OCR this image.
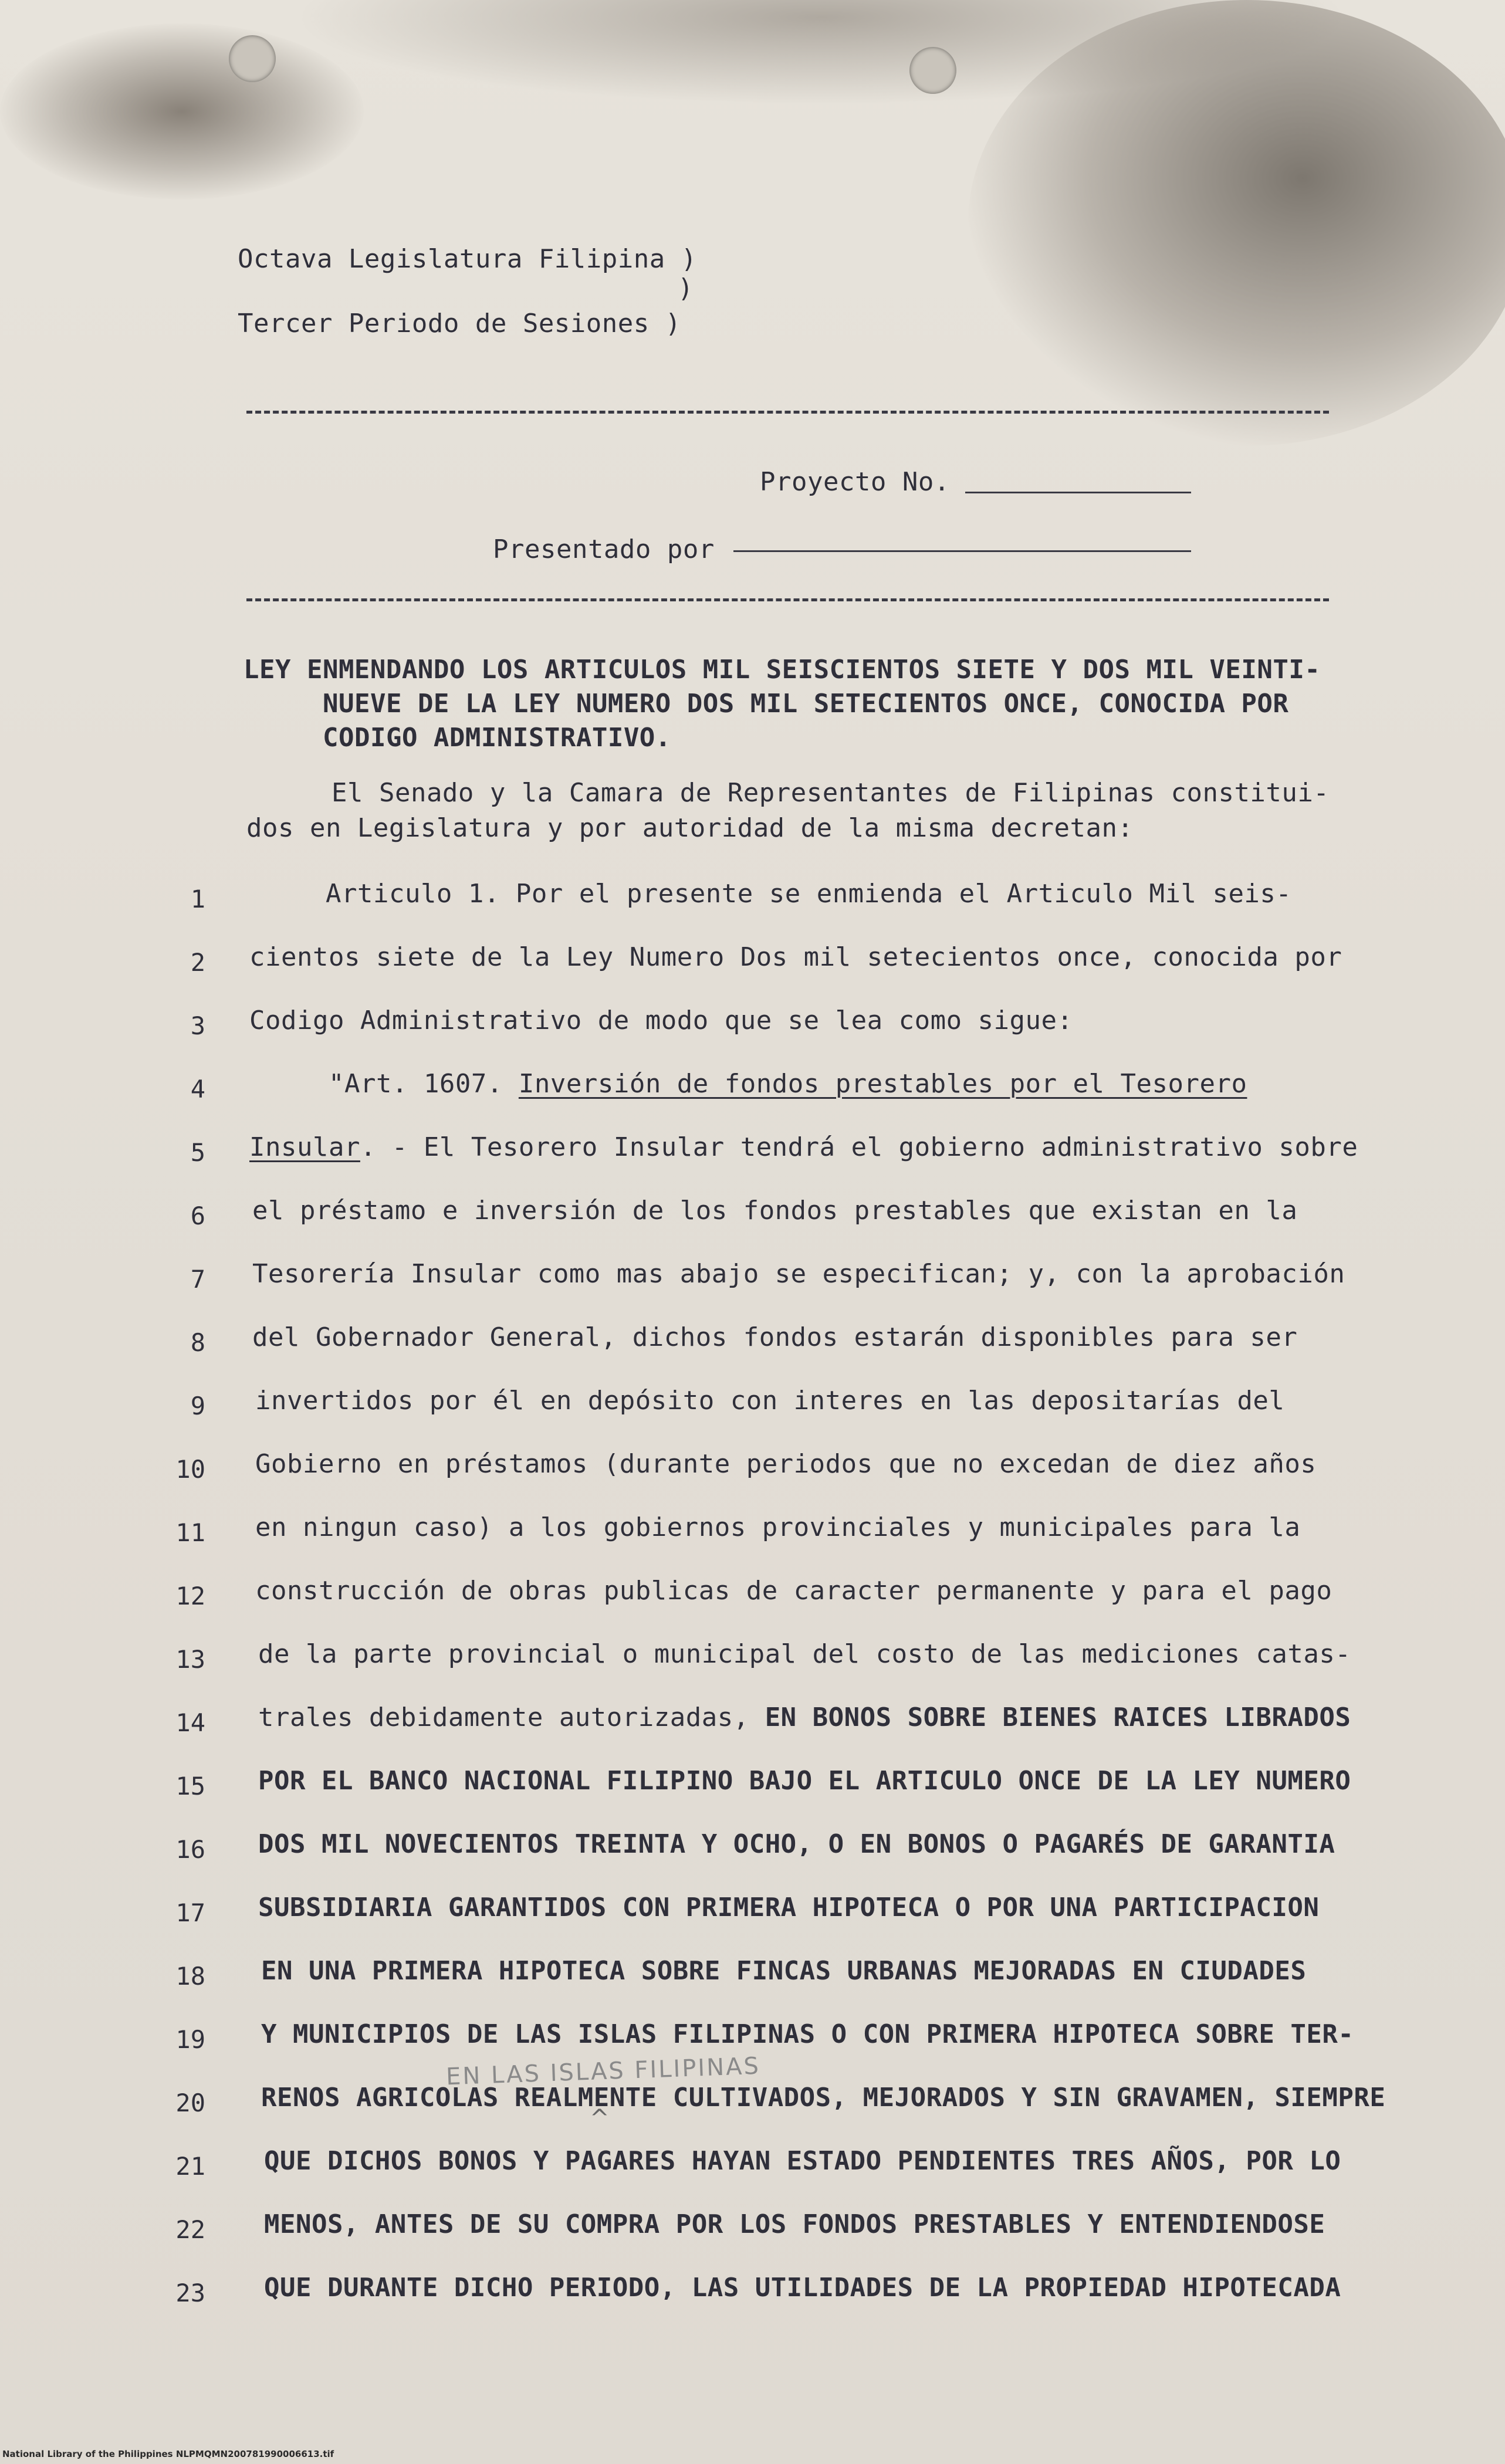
Octava Legislatura Filipina )
)
Tercer Periodo de Sesiones )
Proyecto No.
Presentado por
LEY ENMENDANDO LOS ARTICULOS MIL SEISCIENTOS SIETE Y DOS MIL VEINTI-
NUEVE DE LA LEY NUMERO DOS MIL SETECIENTOS ONCE, CONOCIDA POR
CODIGO ADMINISTRATIVO.
El Senado y la Camara de Representantes de Filipinas constitui-
dos en Legislatura y por autoridad de la misma decretan:
1	Articulo 1. Por el presente se enmienda el Articulo Mil seis-
2 cientos siete de la Ley Numero Dos mil setecientos once, conocida por
3 Codigo Administrativo de modo que se lea como sigue:
4	"Art. 1607. Inversión de fondos prestables por el Tesorero
5 Insular. - El Tesorero Insular tendrá el gobierno administrativo sobre
6 el préstamo e inversión de los fondos prestables que existan en la
7 Tesorería Insular como mas abajo se especifican; y, con la aprobación
8 del Gobernador General, dichos fondos estarán disponibles para ser
9 invertidos por él en depósito con interes en las depositarías del
10 Gobierno en préstamos (durante periodos que no excedan de diez años
11 en ningun caso) a los gobiernos provinciales y municipales para la
12 construcción de obras publicas de caracter permanente y para el pago
13 de la parte provincial o municipal del costo de las mediciones catas-
14 trales debidamente autorizadas, EN BONOS SOBRE BIENES RAICES LIBRADOS
15 POR EL BANCO NACIONAL FILIPINO BAJO EL ARTICULO ONCE DE LA LEY NUMERO
16 DOS MIL NOVECIENTOS TREINTA Y OCHO, O EN BONOS O PAGARÉS DE GARANTIA
17 SUBSIDIARIA GARANTIDOS CON PRIMERA HIPOTECA O POR UNA PARTICIPACION
18 EN UNA PRIMERA HIPOTECA SOBRE FINCAS URBANAS MEJORADAS EN CIUDADES
19 Y MUNICIPIOS DE LAS ISLAS FILIPINAS O CON PRIMERA HIPOTECA SOBRE TER-
EN LAS ISLAS FILIPINAS
^
20 RENOS AGRICOLAS REALMENTE CULTIVADOS, MEJORADOS Y SIN GRAVAMEN, SIEMPRE
21 QUE DICHOS BONOS Y PAGARES HAYAN ESTADO PENDIENTES TRES AÑOS, POR LO
22 MENOS, ANTES DE SU COMPRA POR LOS FONDOS PRESTABLES Y ENTENDIENDOSE
23 QUE DURANTE DICHO PERIODO, LAS UTILIDADES DE LA PROPIEDAD HIPOTECADA
National Library of the Philippines NLPMQMN200781990006613.tif
